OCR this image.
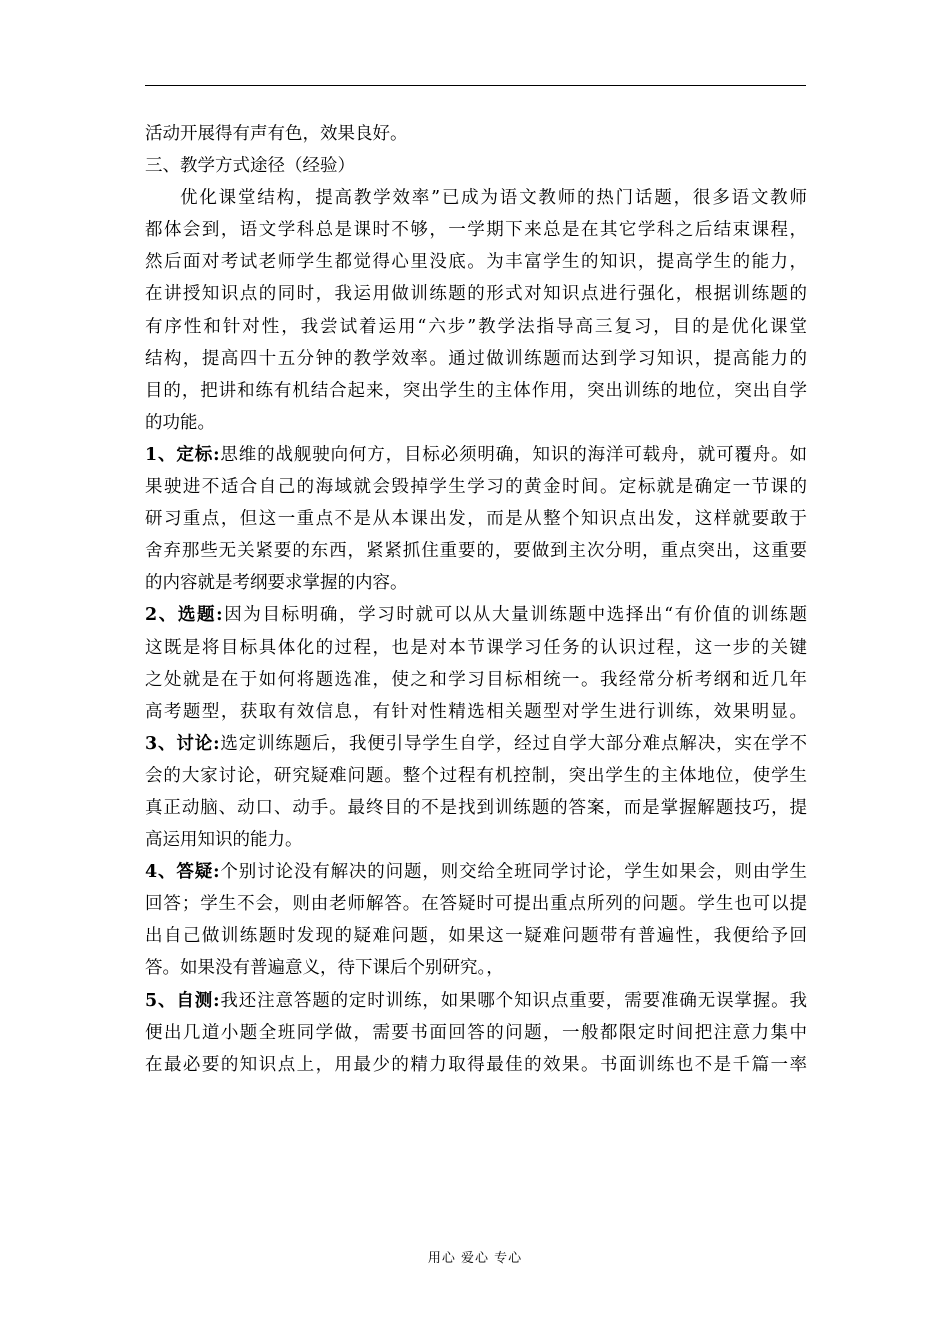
活动开展得有声有色，效果良好。
三、教学方式途径（经验）
优化课堂结构，提高教学效率”已成为语文教师的热门话题，很多语文教师
都体会到，语文学科总是课时不够，一学期下来总是在其它学科之后结束课程，
然后面对考试老师学生都觉得心里没底。为丰富学生的知识，提高学生的能力，
在讲授知识点的同时，我运用做训练题的形式对知识点进行强化，根据训练题的
有序性和针对性，我尝试着运用“六步”教学法指导高三复习，目的是优化课堂
结构，提高四十五分钟的教学效率。通过做训练题而达到学习知识，提高能力的
目的，把讲和练有机结合起来，突出学生的主体作用，突出训练的地位，突出自学
的功能。
1、定标:思维的战舰驶向何方，目标必须明确，知识的海洋可载舟，就可覆舟。如
果驶进不适合自己的海域就会毁掉学生学习的黄金时间。定标就是确定一节课的
研习重点，但这一重点不是从本课出发，而是从整个知识点出发，这样就要敢于
舍弃那些无关紧要的东西，紧紧抓住重要的，要做到主次分明，重点突出，这重要
的内容就是考纲要求掌握的内容。
2、选题:因为目标明确，学习时就可以从大量训练题中选择出“有价值的训练题
这既是将目标具体化的过程，也是对本节课学习任务的认识过程，这一步的关键
之处就是在于如何将题选准，使之和学习目标相统一。我经常分析考纲和近几年
高考题型，获取有效信息，有针对性精选相关题型对学生进行训练，效果明显。
3、讨论:选定训练题后，我便引导学生自学，经过自学大部分难点解决，实在学不
会的大家讨论，研究疑难问题。整个过程有机控制，突出学生的主体地位，使学生
真正动脑、动口、动手。最终目的不是找到训练题的答案，而是掌握解题技巧，提
高运用知识的能力。
4、答疑:个别讨论没有解决的问题，则交给全班同学讨论，学生如果会，则由学生
回答；学生不会，则由老师解答。在答疑时可提出重点所列的问题。学生也可以提
出自己做训练题时发现的疑难问题，如果这一疑难问题带有普遍性，我便给予回
答。如果没有普遍意义，待下课后个别研究。，
5、自测:我还注意答题的定时训练，如果哪个知识点重要，需要准确无误掌握。我
便出几道小题全班同学做，需要书面回答的问题，一般都限定时间把注意力集中
在最必要的知识点上，用最少的精力取得最佳的效果。书面训练也不是千篇一率
用心 爱心 专心
